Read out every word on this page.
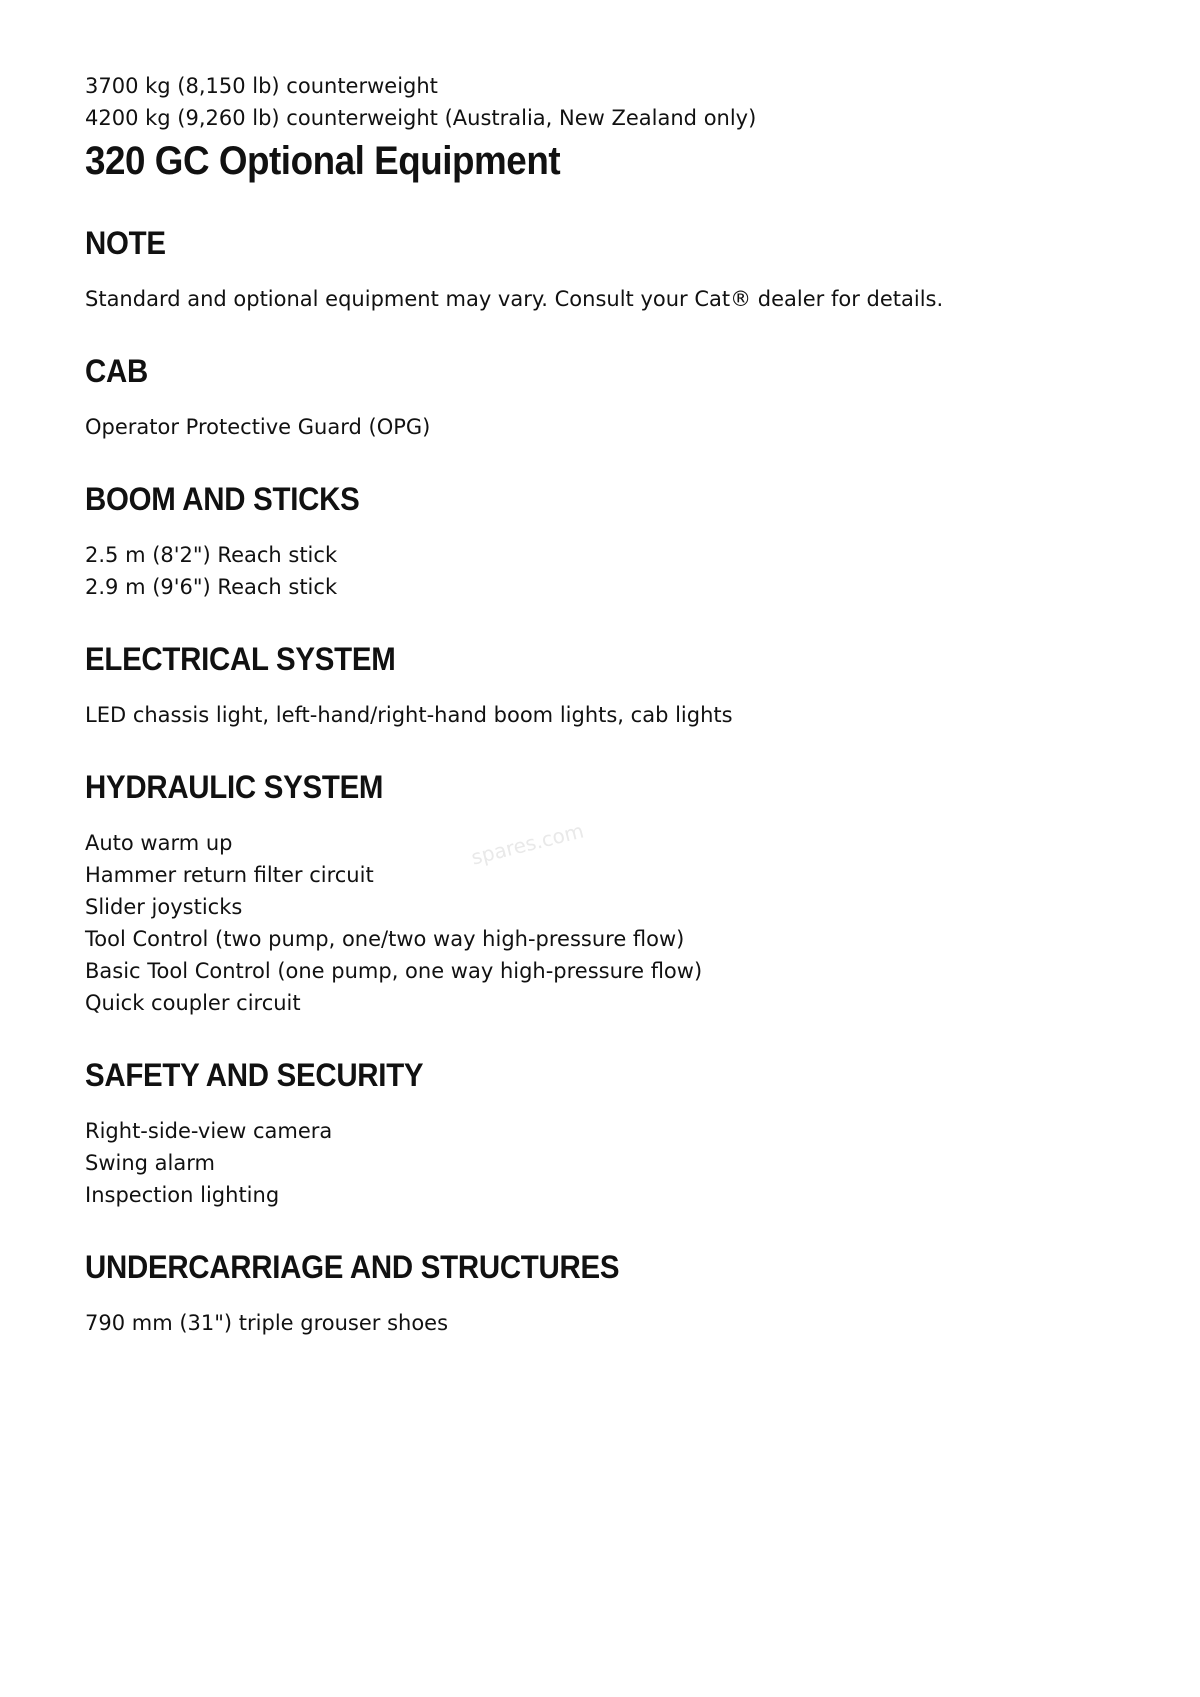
3700 kg (8,150 lb) counterweight

4200 kg (9,260 lb) counterweight (Australia, New Zealand only)

320 GC Optional Equipment
NOTE
Standard and optional equipment may vary. Consult your Cat® dealer for details.
CAB
Operator Protective Guard (OPG)
BOOM AND STICKS
2.5 m (8'2") Reach stick
2.9 m (9'6") Reach stick
ELECTRICAL SYSTEM
LED chassis light, left-hand/right-hand boom lights, cab lights
HYDRAULIC SYSTEM
Auto warm up
Hammer return filter circuit
Slider joysticks
Tool Control (two pump, one/two way high-pressure flow)
Basic Tool Control (one pump, one way high-pressure flow)
Quick coupler circuit
SAFETY AND SECURITY
Right-side-view camera
Swing alarm
Inspection lighting
UNDERCARRIAGE AND STRUCTURES
790 mm (31") triple grouser shoes
spares.com
